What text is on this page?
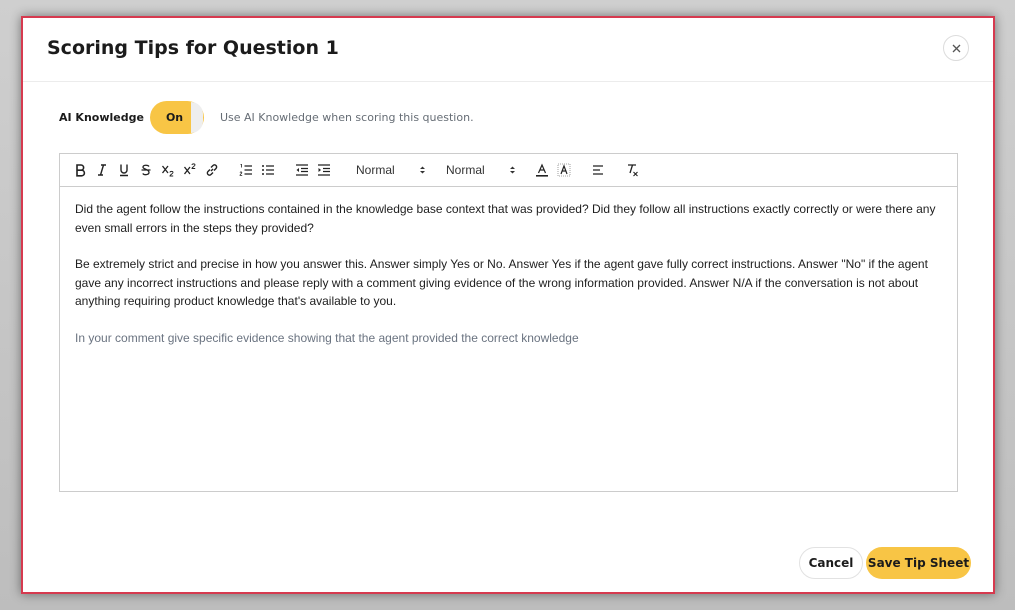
Scoring Tips for Question 1
AI Knowledge On	Use AI Knowledge when scoring this question.
Normal	Normal

Did the agent follow the instructions contained in the knowledge base context that was provided? Did they follow all instructions exactly correctly or were there any even small errors in the steps they provided?

Be extremely strict and precise in how you answer this. Answer simply Yes or No. Answer Yes if the agent gave fully correct instructions. Answer "No" if the agent gave any incorrect instructions and please reply with a comment giving evidence of the wrong information provided. Answer N/A if the conversation is not about anything requiring product knowledge that's available to you.

In your comment give specific evidence showing that the agent provided the correct knowledge

Cancel	Save Tip Sheet
